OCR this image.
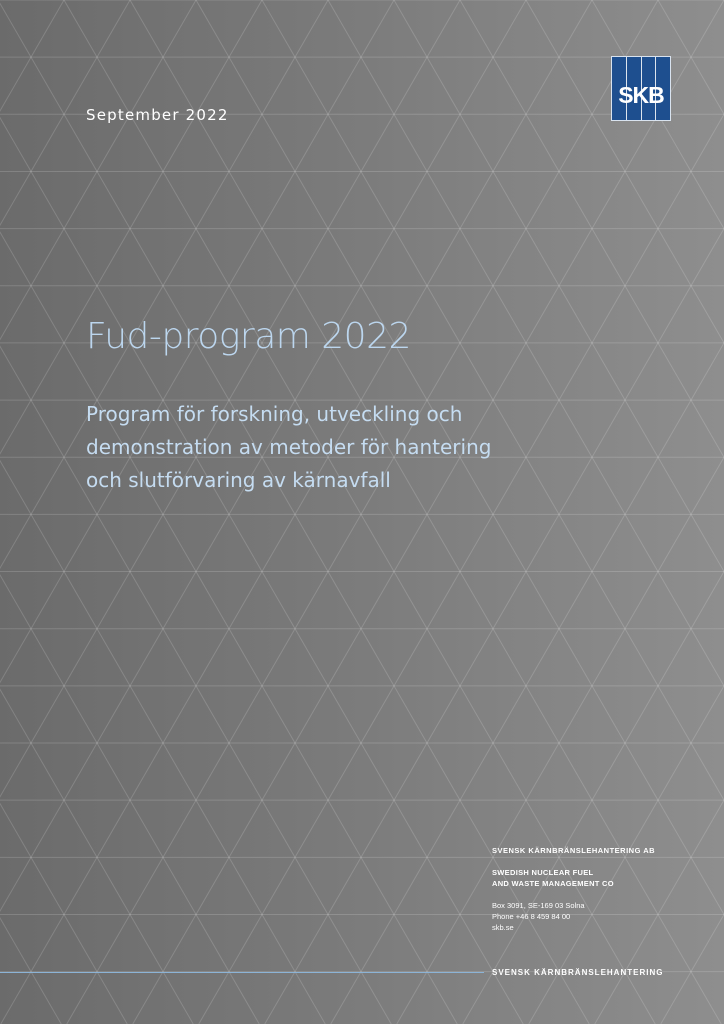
September 2022
SKB
Fud-program 2022
Program för forskning, utveckling och
demonstration av metoder för hantering
och slutförvaring av kärnavfall
SVENSK KÄRNBRÄNSLEHANTERING AB
SWEDISH NUCLEAR FUEL
AND WASTE MANAGEMENT CO
Box 3091, SE-169 03 Solna
Phone +46 8 459 84 00
skb.se
SVENSK KÄRNBRÄNSLEHANTERING
